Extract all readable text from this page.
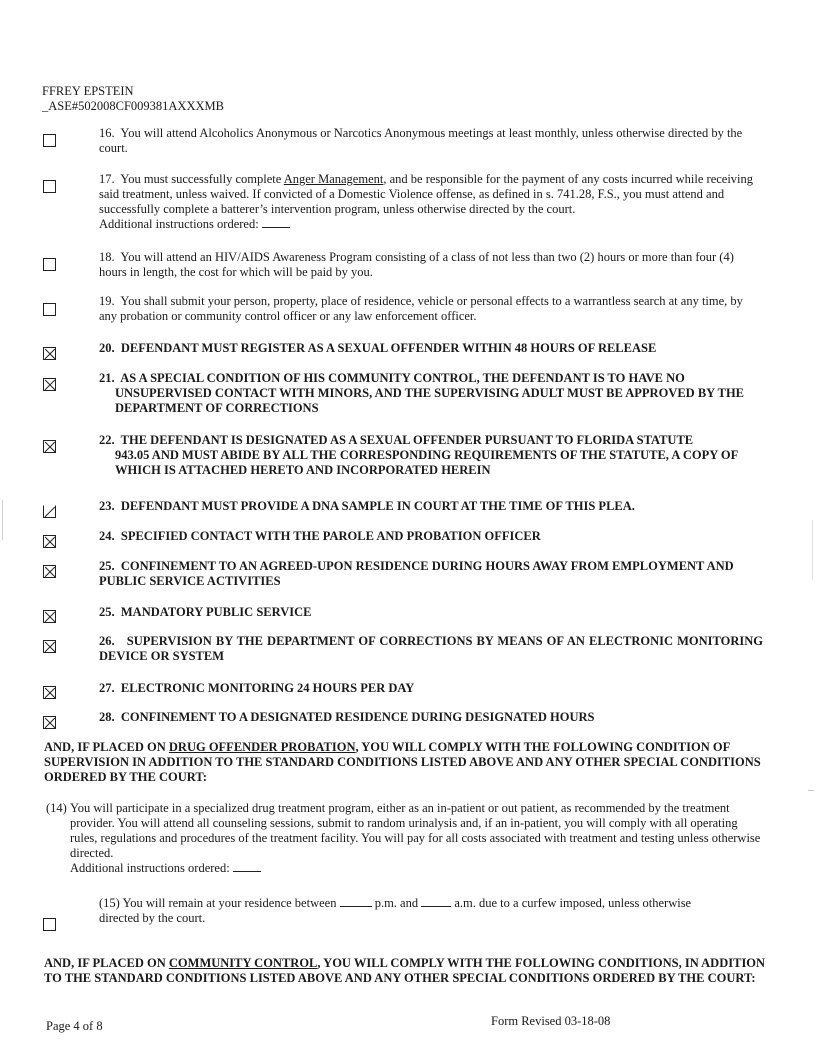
FFREY EPSTEIN
_ASE#502008CF009381AXXXMB
16. You will attend Alcoholics Anonymous or Narcotics Anonymous meetings at least monthly, unless otherwise directed by the court.
17. You must successfully complete Anger Management, and be responsible for the payment of any costs incurred while receiving said treatment, unless waived. If convicted of a Domestic Violence offense, as defined in s. 741.28, F.S., you must attend and successfully complete a batterer’s intervention program, unless otherwise directed by the court.
Additional instructions ordered:
18. You will attend an HIV/AIDS Awareness Program consisting of a class of not less than two (2) hours or more than four (4) hours in length, the cost for which will be paid by you.
19. You shall submit your person, property, place of residence, vehicle or personal effects to a warrantless search at any time, by any probation or community control officer or any law enforcement officer.
20. DEFENDANT MUST REGISTER AS A SEXUAL OFFENDER WITHIN 48 HOURS OF RELEASE
21. AS A SPECIAL CONDITION OF HIS COMMUNITY CONTROL, THE DEFENDANT IS TO HAVE NO
UNSUPERVISED CONTACT WITH MINORS, AND THE SUPERVISING ADULT MUST BE APPROVED BY THE DEPARTMENT OF CORRECTIONS
22. THE DEFENDANT IS DESIGNATED AS A SEXUAL OFFENDER PURSUANT TO FLORIDA STATUTE
943.05 AND MUST ABIDE BY ALL THE CORRESPONDING REQUIREMENTS OF THE STATUTE, A COPY OF WHICH IS ATTACHED HERETO AND INCORPORATED HEREIN
23. DEFENDANT MUST PROVIDE A DNA SAMPLE IN COURT AT THE TIME OF THIS PLEA.
24. SPECIFIED CONTACT WITH THE PAROLE AND PROBATION OFFICER
25. CONFINEMENT TO AN AGREED-UPON RESIDENCE DURING HOURS AWAY FROM EMPLOYMENT AND PUBLIC SERVICE ACTIVITIES
25. MANDATORY PUBLIC SERVICE
26. SUPERVISION BY THE DEPARTMENT OF CORRECTIONS BY MEANS OF AN ELECTRONIC MONITORING DEVICE OR SYSTEM
27. ELECTRONIC MONITORING 24 HOURS PER DAY
28. CONFINEMENT TO A DESIGNATED RESIDENCE DURING DESIGNATED HOURS
AND, IF PLACED ON DRUG OFFENDER PROBATION, YOU WILL COMPLY WITH THE FOLLOWING CONDITION OF SUPERVISION IN ADDITION TO THE STANDARD CONDITIONS LISTED ABOVE AND ANY OTHER SPECIAL CONDITIONS ORDERED BY THE COURT:
(14) You will participate in a specialized drug treatment program, either as an in-patient or out patient, as recommended by the treatment provider. You will attend all counseling sessions, submit to random urinalysis and, if an in-patient, you will comply with all operating rules, regulations and procedures of the treatment facility. You will pay for all costs associated with treatment and testing unless otherwise directed.
Additional instructions ordered:
(15) You will remain at your residence between	p.m. and	a.m. due to a curfew imposed, unless otherwise
directed by the court.
AND, IF PLACED ON COMMUNITY CONTROL, YOU WILL COMPLY WITH THE FOLLOWING CONDITIONS, IN ADDITION TO THE STANDARD CONDITIONS LISTED ABOVE AND ANY OTHER SPECIAL CONDITIONS ORDERED BY THE COURT:
Page 4 of 8	Form Revised 03-18-08
